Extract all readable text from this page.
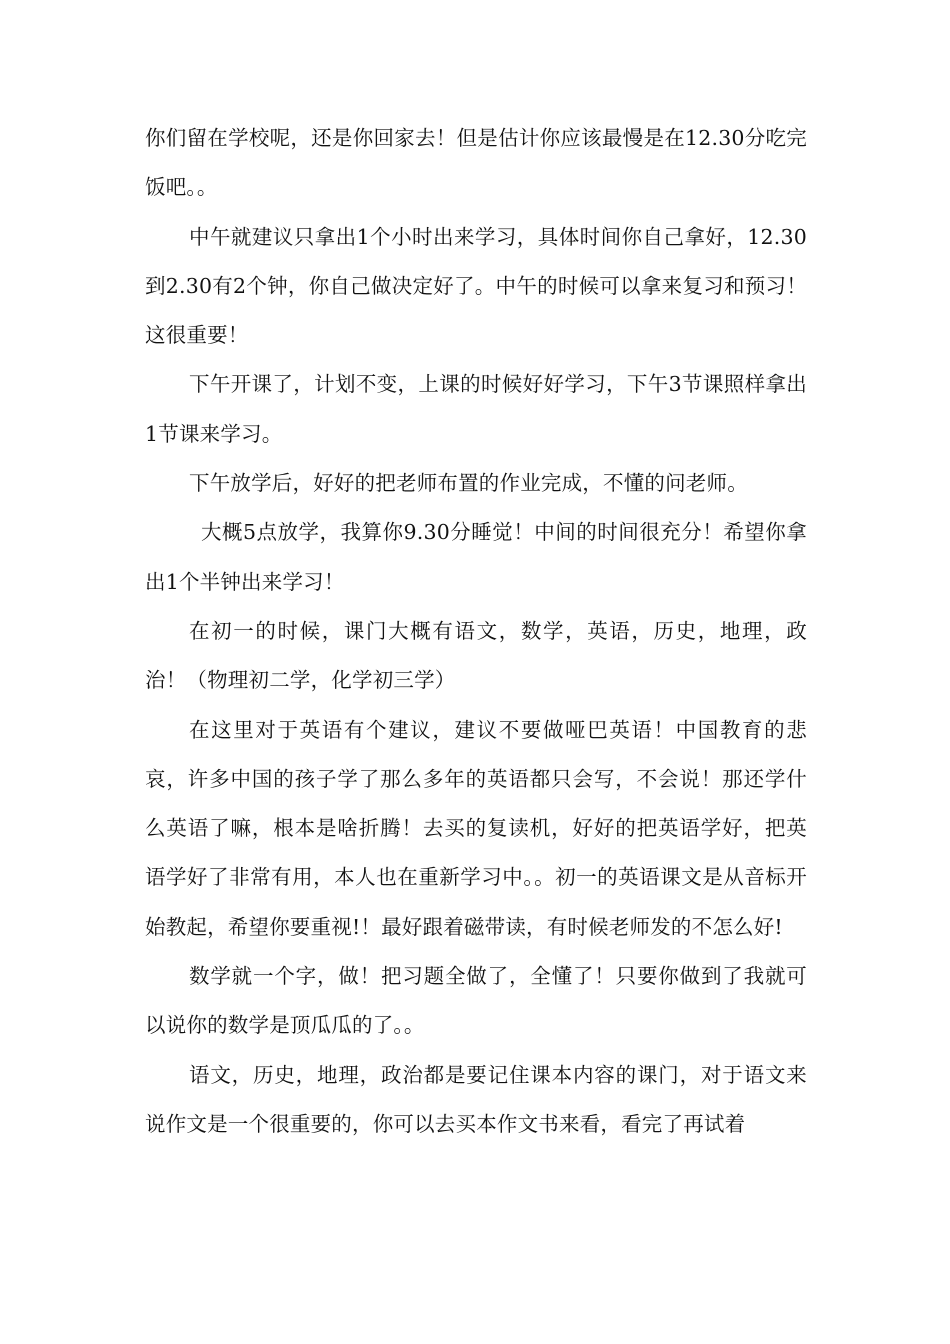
你们留在学校呢，还是你回家去！但是估计你应该最慢是在12.30分吃完饭吧。。

中午就建议只拿出1个小时出来学习，具体时间你自己拿好，12.30到2.30有2个钟，你自己做决定好了。中午的时候可以拿来复习和预习！这很重要！

下午开课了，计划不变，上课的时候好好学习，下午3节课照样拿出1节课来学习。

下午放学后，好好的把老师布置的作业完成，不懂的问老师。

大概5点放学，我算你9.30分睡觉！中间的时间很充分！希望你拿出1个半钟出来学习！

在初一的时候，课门大概有语文，数学，英语，历史，地理，政治！（物理初二学，化学初三学）

在这里对于英语有个建议，建议不要做哑巴英语！中国教育的悲哀，许多中国的孩子学了那么多年的英语都只会写，不会说！那还学什么英语了嘛，根本是啥折腾！去买的复读机，好好的把英语学好，把英语学好了非常有用，本人也在重新学习中。。初一的英语课文是从音标开始教起，希望你要重视!！最好跟着磁带读，有时候老师发的不怎么好!

数学就一个字，做！把习题全做了，全懂了！只要你做到了我就可以说你的数学是顶瓜瓜的了。。

语文，历史，地理，政治都是要记住课本内容的课门，对于语文来说作文是一个很重要的，你可以去买本作文书来看，看完了再试着
